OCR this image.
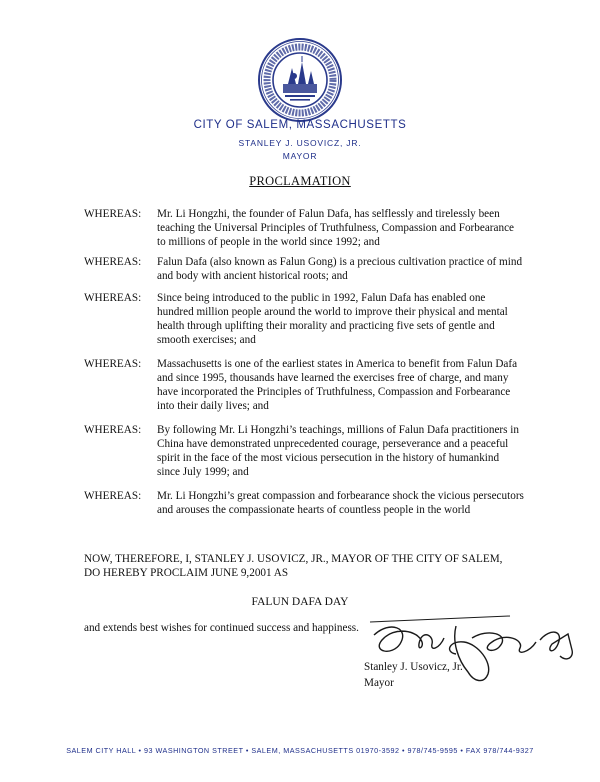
CITY OF SALEM, MASSACHUSETTS
STANLEY J. USOVICZ, JR.
MAYOR
PROCLAMATION
WHEREAS:	Mr. Li Hongzhi, the founder of Falun Dafa, has selflessly and tirelessly been teaching the Universal Principles of Truthfulness, Compassion and Forbearance to millions of people in the world since 1992; and
WHEREAS:	Falun Dafa (also known as Falun Gong) is a precious cultivation practice of mind and body with ancient historical roots; and
WHEREAS:	Since being introduced to the public in 1992, Falun Dafa has enabled one hundred million people around the world to improve their physical and mental health through uplifting their morality and practicing five sets of gentle and smooth exercises; and
WHEREAS:	Massachusetts is one of the earliest states in America to benefit from Falun Dafa and since 1995, thousands have learned the exercises free of charge, and many have incorporated the Principles of Truthfulness, Compassion and Forbearance into their daily lives; and
WHEREAS:	By following Mr. Li Hongzhi’s teachings, millions of Falun Dafa practitioners in China have demonstrated unprecedented courage, perseverance and a peaceful spirit in the face of the most vicious persecution in the history of humankind since July 1999; and
WHEREAS:	Mr. Li Hongzhi’s great compassion and forbearance shock the vicious persecutors and arouses the compassionate hearts of countless people in the world
NOW, THEREFORE, I, STANLEY J. USOVICZ, JR., MAYOR OF THE CITY OF SALEM, DO HEREBY PROCLAIM JUNE 9,2001 AS
FALUN DAFA DAY
and extends best wishes for continued success and happiness.
Stanley J. Usovicz, Jr.
Mayor
SALEM CITY HALL • 93 WASHINGTON STREET • SALEM, MASSACHUSETTS 01970-3592 • 978/745-9595 • FAX 978/744-9327
